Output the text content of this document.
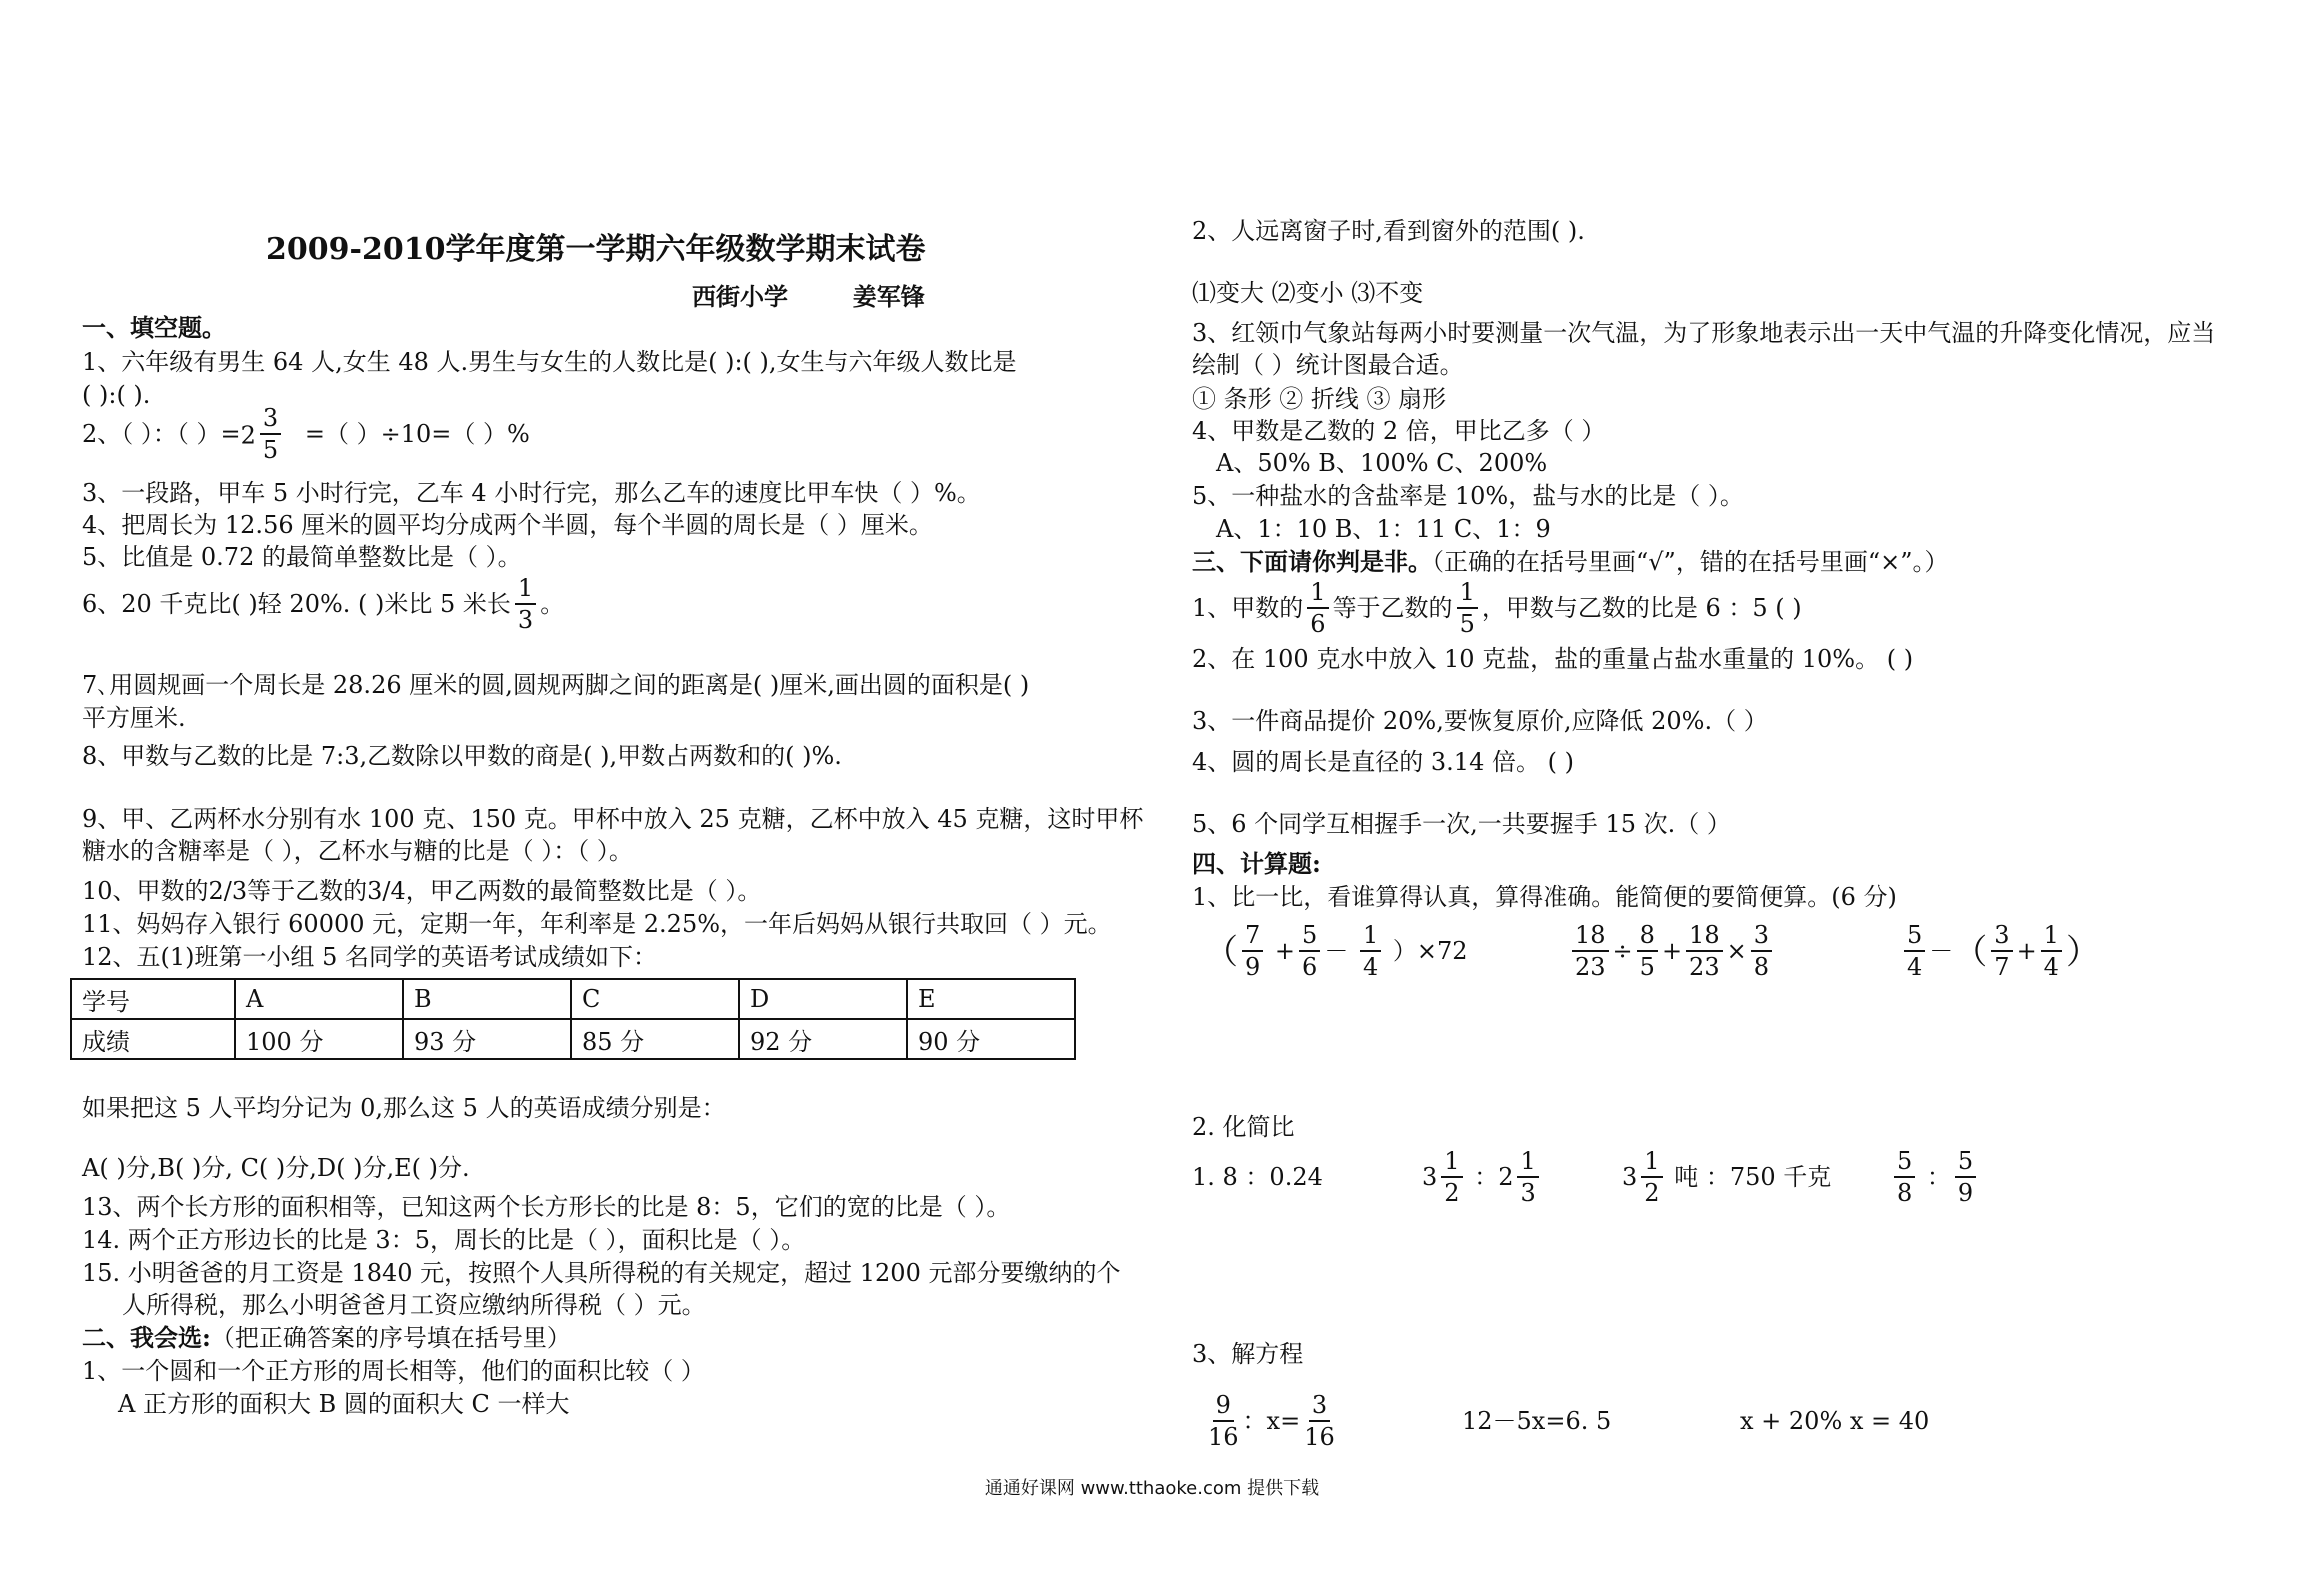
2009-2010学年度第一学期六年级数学期末试卷
西街小学	姜军锋
一、填空题。
1、六年级有男生 64 人,女生 48 人.男生与女生的人数比是( ):( ),女生与六年级人数比是
( ):( ).
2、（ ）：（ ）$=2 \frac{3}{5}$ =（ ）÷10=（ ）%
3、一段路，甲车 5 小时行完，乙车 4 小时行完，那么乙车的速度比甲车快（ ）%。
4、把周长为 12.56 厘米的圆平均分成两个半圆，每个半圆的周长是（ ）厘米。
5、比值是 0.72 的最简单整数比是（ ）。
6、20 千克比( )轻 20%. ( )米比 5 米长 $\frac{1}{3}$ 。
7､用圆规画一个周长是 28.26 厘米的圆,圆规两脚之间的距离是( )厘米,画出圆的面积是( )
平方厘米.
8、甲数与乙数的比是 7:3,乙数除以甲数的商是( ),甲数占两数和的( )%.
9、甲、乙两杯水分别有水 100 克、150 克。甲杯中放入 25 克糖，乙杯中放入 45 克糖，这时甲杯
糖水的含糖率是（ ），乙杯水与糖的比是（ ）：（ ）。
10、甲数的2/3等于乙数的3/4，甲乙两数的最简整数比是（ ）。
11、妈妈存入银行 60000 元，定期一年，年利率是 2.25%，一年后妈妈从银行共取回（ ）元。
12、五(1)班第一小组 5 名同学的英语考试成绩如下：
学号	A	B	C	D	E
成绩	100 分	93 分	85 分	92 分	90 分
如果把这 5 人平均分记为 0,那么这 5 人的英语成绩分别是：
A( )分,B( )分, C( )分,D( )分,E( )分.
13、两个长方形的面积相等，已知这两个长方形长的比是 8：5，它们的宽的比是（ ）。
14. 两个正方形边长的比是 3：5，周长的比是（ ），面积比是（ ）。
15. 小明爸爸的月工资是 1840 元，按照个人具所得税的有关规定，超过 1200 元部分要缴纳的个
人所得税，那么小明爸爸月工资应缴纳所得税（ ）元。
二、我会选:（把正确答案的序号填在括号里）
1、一个圆和一个正方形的周长相等，他们的面积比较（ ）
A 正方形的面积大 B 圆的面积大 C 一样大
2、人远离窗子时,看到窗外的范围( ).
⑴变大 ⑵变小 ⑶不变
3、红领巾气象站每两小时要测量一次气温，为了形象地表示出一天中气温的升降变化情况，应当
绘制（ ）统计图最合适。
① 条形 ② 折线 ③ 扇形
4、甲数是乙数的 2 倍，甲比乙多（ ）
A、50% B、100% C、200%
5、一种盐水的含盐率是 10%，盐与水的比是（ ）。
A、1：10 B、1：11 C、1：9
三、下面请你判是非。（正确的在括号里画“√”，错的在括号里画“×”。）
1、甲数的 $\frac{1}{6}$ 等于乙数的 $\frac{1}{5}$ ，甲数与乙数的比是 6 ：5 ( )
2、在 100 克水中放入 10 克盐，盐的重量占盐水重量的 10%。 ( )
3、一件商品提价 20%,要恢复原价,应降低 20%.（ ）
4、圆的周长是直径的 3.14 倍。 ( )
5、6 个同学互相握手一次,一共要握手 15 次.（ ）
四、计算题:
1、比一比，看谁算得认真，算得准确。能简便的要简便算。(6 分)
（ $\frac{7}{9} + \frac{5}{6} - \frac{1}{4} )\times 72$	$\frac{18}{23} \div \frac{8}{5} + \frac{18}{23} \times \frac{3}{8}$	$\frac{5}{4}$ －（ $\frac{3}{7} + \frac{1}{4}$ ）
2. 化简比
1. 8 ：0.24	$3 \frac{1}{2}$ ：$2 \frac{1}{3}$	$3 \frac{1}{2}$ 吨 ：750 千克	$\frac{5}{8}$ ： $\frac{5}{9}$
3、解方程
$\frac{9}{16}$ ：$x= \frac{3}{16}$	12－5x=6. 5	x + 20% x = 40
通通好课网 www.tthaoke.com 提供下载
